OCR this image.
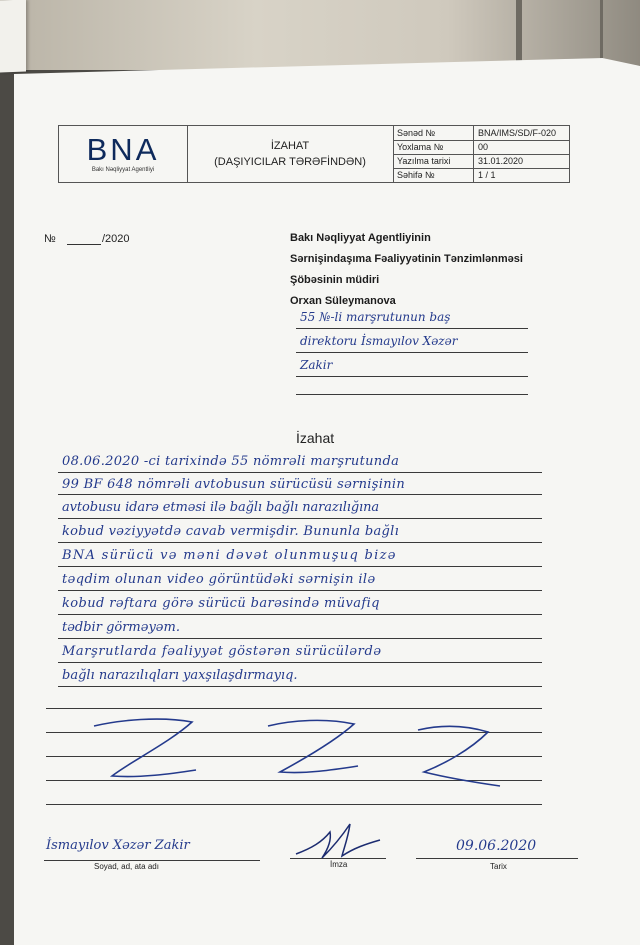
BNA
Bakı Nəqliyyat Agentliyi
İZAHAT
(DAŞIYICILAR TƏRƏFİNDƏN)
Sənəd №	BNA/IMS/SD/F-020
Yoxlama №	00
Yazılma tarixi	31.01.2020
Səhifə №	1 / 1
№	/2020	Bakı Nəqliyyat Agentliyinin
Sərnişindaşıma Fəaliyyətinin Tənzimlənməsi
Şöbəsinin müdiri
Orxan Süleymanova
55 №-li marşrutunun baş
direktoru İsmayılov Xəzər
Zakir
İzahat
08.06.2020 -ci tarixində 55 nömrəli marşrutunda
99 BF 648 nömrəli avtobusun sürücüsü sərnişinin
avtobusu idarə etməsi ilə bağlı bağlı narazılığına
kobud vəziyyətdə cavab vermişdir. Bununla bağlı
BNA sürücü və məni dəvət olunmuşuq bizə
təqdim olunan video görüntüdəki sərnişin ilə
kobud rəftara görə sürücü barəsində müvafiq
tədbir görməyəm.
Marşrutlarda fəaliyyət göstərən sürücülərdə
bağlı narazılıqları yaxşılaşdırmayıq.
İsmayılov Xəzər Zakir	09.06.2020
Soyad, ad, ata adı	İmza	Tarix
